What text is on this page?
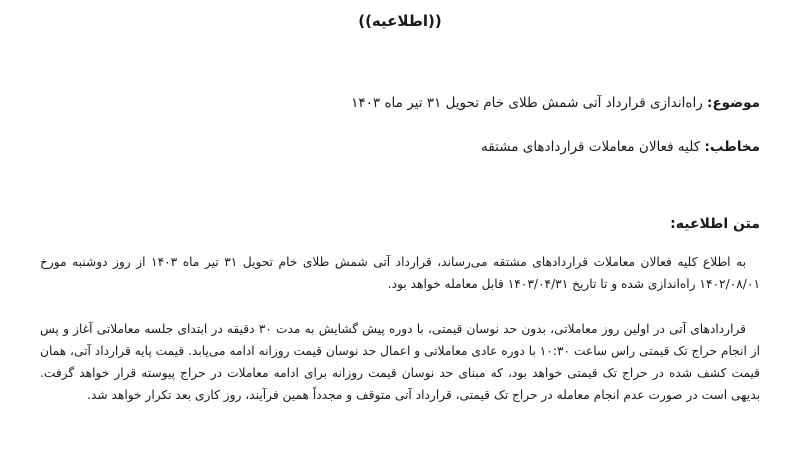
((اطلاعیه))
موضوع: راه‌اندازی قرارداد آتی شمش طلای خام تحویل ۳۱ تیر ماه ۱۴۰۳
مخاطب: کلیه فعالان معاملات قراردادهای مشتقه
متن اطلاعیه:

به اطلاع کلیه فعالان معاملات قراردادهای مشتقه می‌رساند، قرارداد آتی شمش طلای خام تحویل ۳۱ تیر ماه ۱۴۰۳ از روز دوشنبه مورخ ۱۴۰۲/۰۸/۰۱ راه‌اندازی شده و تا تاریخ ۱۴۰۳/۰۴/۳۱ قابل معامله خواهد بود.

قراردادهای آتی در اولین روز معاملاتی، بدون حد نوسان قیمتی، با دوره پیش گشایش به مدت ۳۰ دقیقه در ابتدای جلسه معاملاتی آغاز و پس از انجام حراج تک قیمتی راس ساعت ۱۰:۳۰ با دوره عادی معاملاتی و اعمال حد نوسان قیمت روزانه ادامه می‌یابد. قیمت پایه قرارداد آتی، همان قیمت کشف شده در حراج تک قیمتی خواهد بود، که مبنای حد نوسان قیمت روزانه برای ادامه معاملات در حراج پیوسته قرار خواهد گرفت. بدیهی است در صورت عدم انجام معامله در حراج تک قیمتی، قرارداد آتی متوقف و مجدداً همین فرآیند، روز کاری بعد تکرار خواهد شد.
